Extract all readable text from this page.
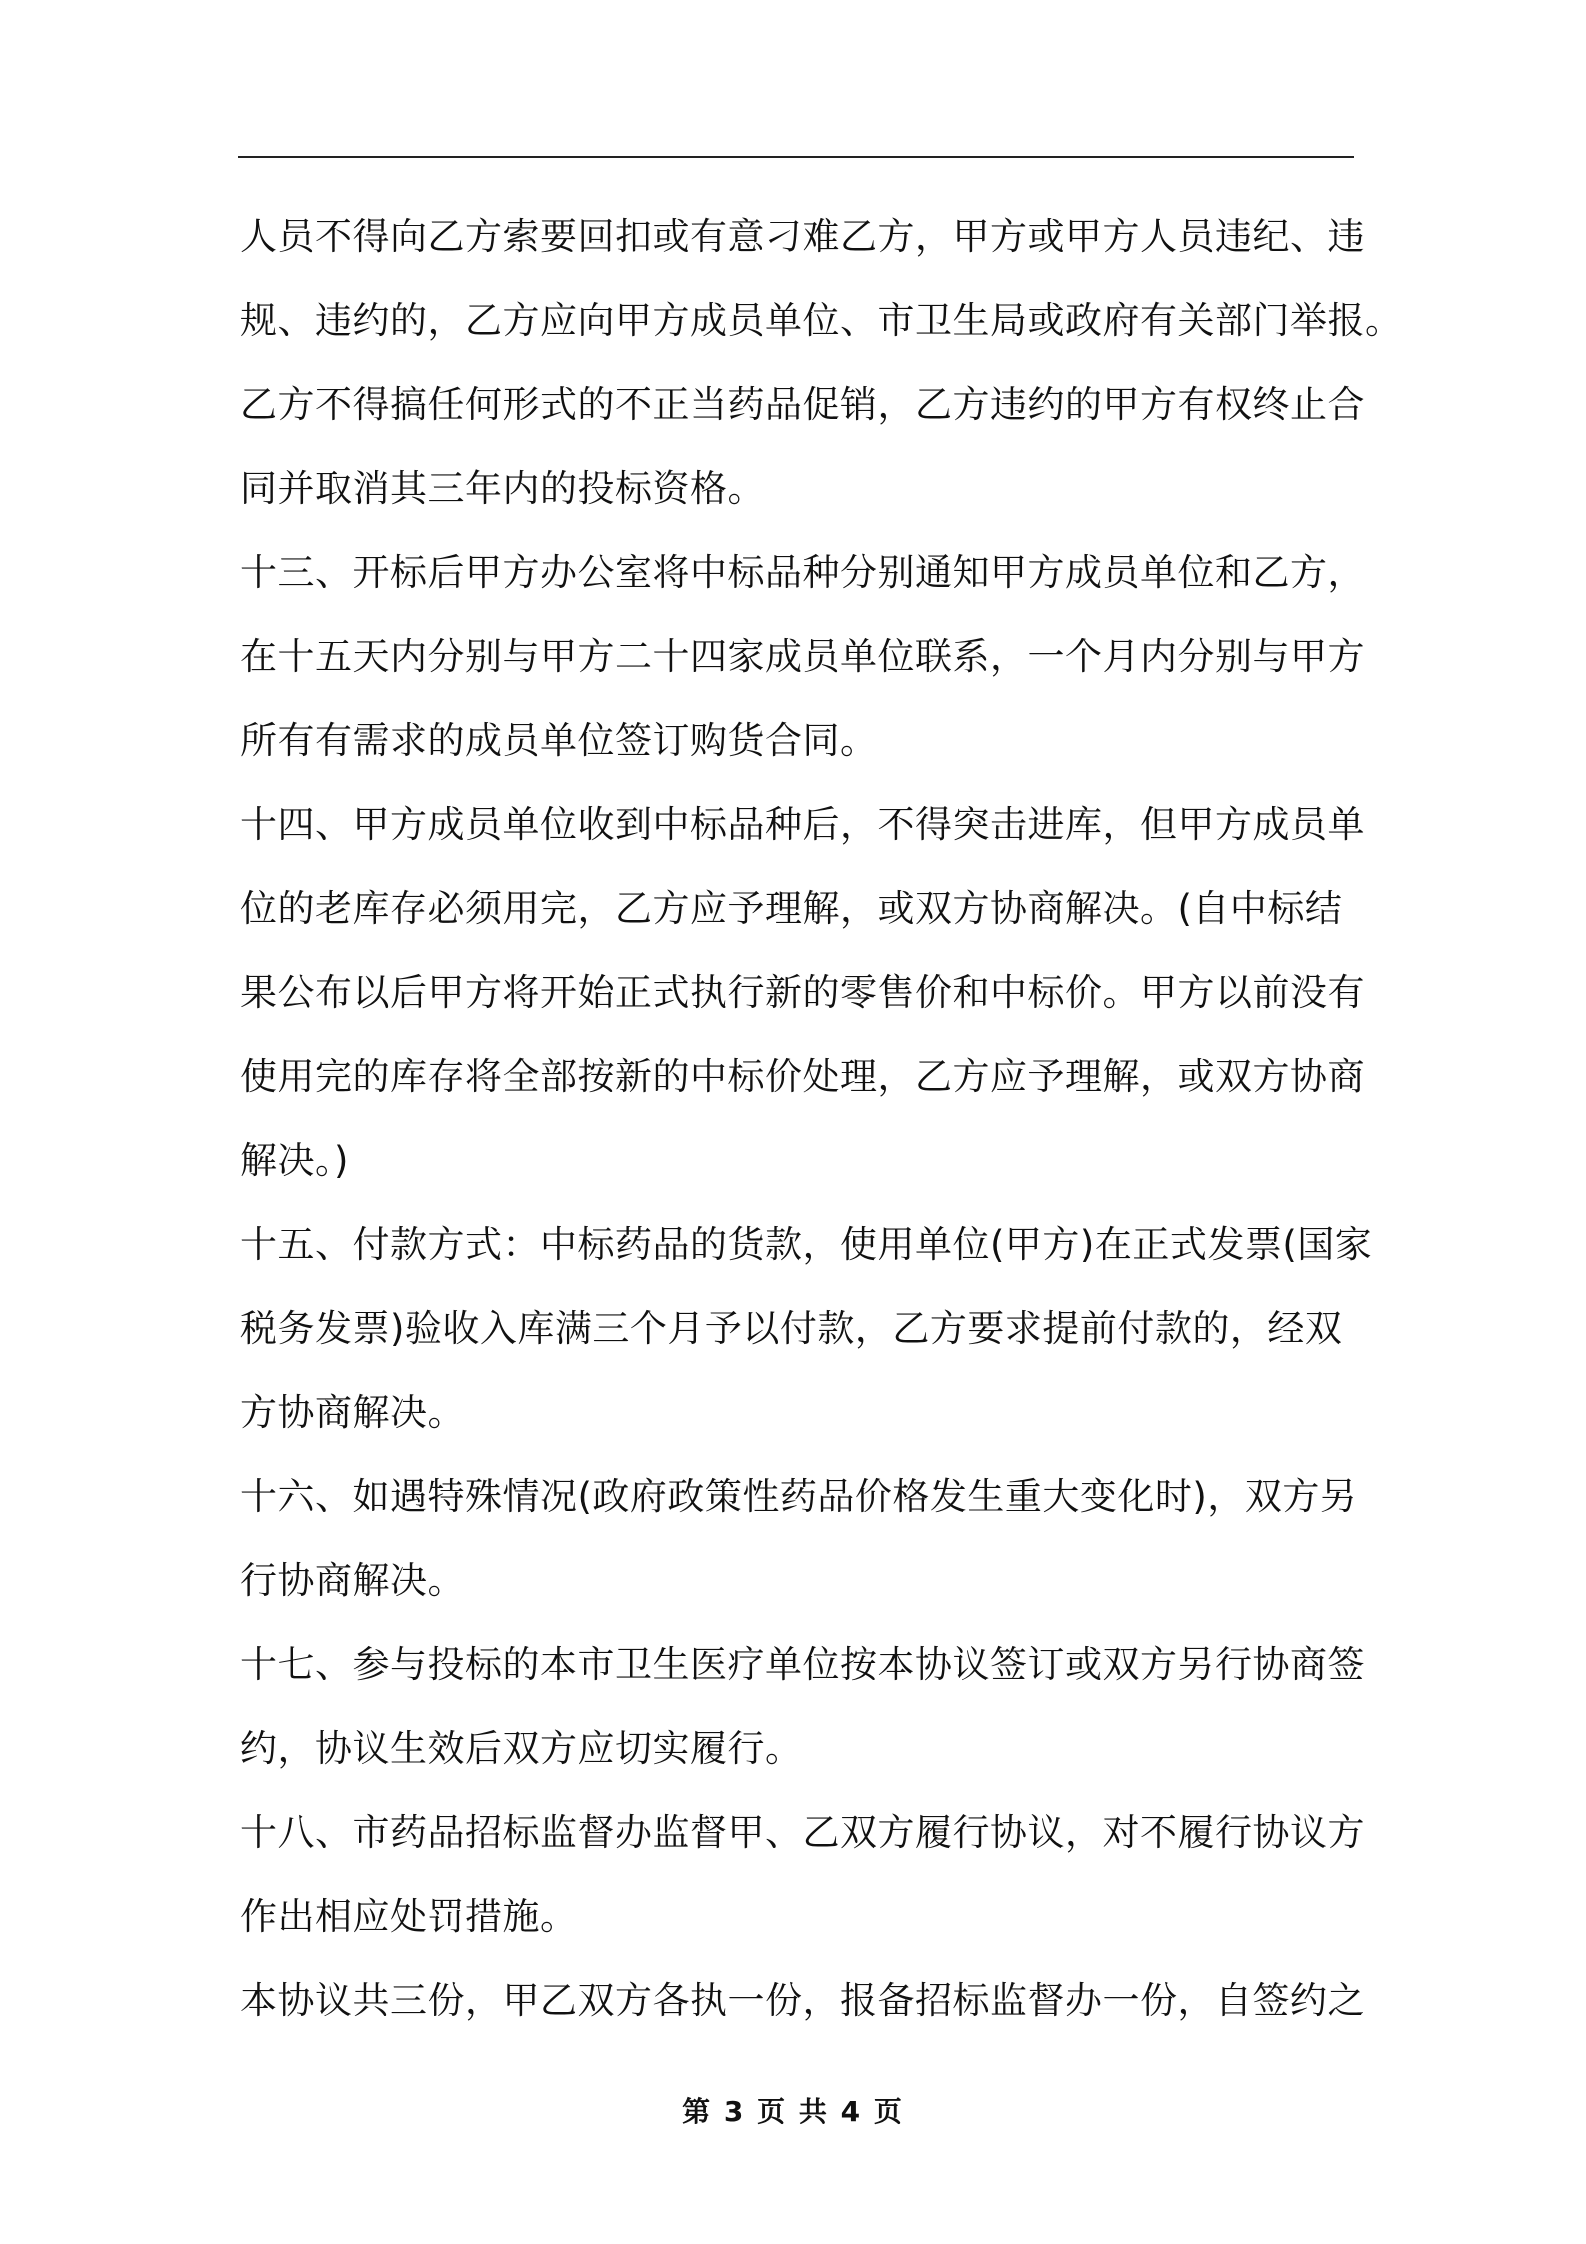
人员不得向乙方索要回扣或有意刁难乙方，甲方或甲方人员违纪、违
规、违约的，乙方应向甲方成员单位、市卫生局或政府有关部门举报。
乙方不得搞任何形式的不正当药品促销，乙方违约的甲方有权终止合
同并取消其三年内的投标资格。
十三、开标后甲方办公室将中标品种分别通知甲方成员单位和乙方，
在十五天内分别与甲方二十四家成员单位联系，一个月内分别与甲方
所有有需求的成员单位签订购货合同。
十四、甲方成员单位收到中标品种后，不得突击进库，但甲方成员单
位的老库存必须用完，乙方应予理解，或双方协商解决。(自中标结
果公布以后甲方将开始正式执行新的零售价和中标价。甲方以前没有
使用完的库存将全部按新的中标价处理，乙方应予理解，或双方协商
解决。)
十五、付款方式：中标药品的货款，使用单位(甲方)在正式发票(国家
税务发票)验收入库满三个月予以付款，乙方要求提前付款的，经双
方协商解决。
十六、如遇特殊情况(政府政策性药品价格发生重大变化时)，双方另
行协商解决。
十七、参与投标的本市卫生医疗单位按本协议签订或双方另行协商签
约，协议生效后双方应切实履行。
十八、市药品招标监督办监督甲、乙双方履行协议，对不履行协议方
作出相应处罚措施。
本协议共三份，甲乙双方各执一份，报备招标监督办一份，自签约之
第 3 页 共 4 页
